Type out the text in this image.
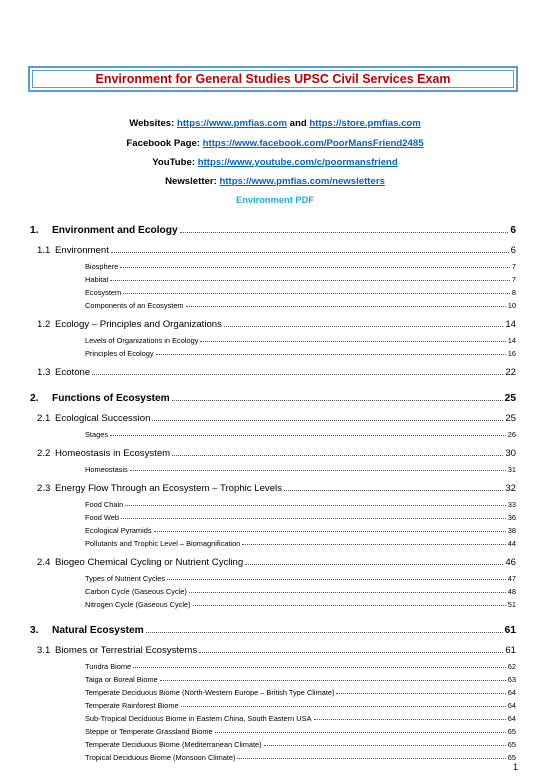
Environment for General Studies UPSC Civil Services Exam
Websites: https://www.pmfias.com and https://store.pmfias.com
Facebook Page: https://www.facebook.com/PoorMansFriend2485
YouTube: https://www.youtube.com/c/poormansfriend
Newsletter: https://www.pmfias.com/newsletters
Environment PDF
1.	Environment and Ecology	6
1.1 Environment	6
Biosphere	7
Habitat	7
Ecosystem	8
Components of an Ecosystem	10
1.2 Ecology – Principles and Organizations	14
Levels of Organizations in Ecology	14
Principles of Ecology	16
1.3 Ecotone	22
2.	Functions of Ecosystem	25
2.1 Ecological Succession	25
Stages	26
2.2 Homeostasis in Ecosystem	30
Homeostasis	31
2.3 Energy Flow Through an Ecosystem – Trophic Levels	32
Food Chain	33
Food Web	36
Ecological Pyramids	38
Pollutants and Trophic Level – Biomagnification	44
2.4 Biogeo Chemical Cycling or Nutrient Cycling	46
Types of Nutrient Cycles	47
Carbon Cycle (Gaseous Cycle)	48
Nitrogen Cycle (Gaseous Cycle)	51
3.	Natural Ecosystem	61
3.1 Biomes or Terrestrial Ecosystems	61
Tundra Biome	62
Taiga or Boreal Biome	63
Temperate Deciduous Biome (North-Western Europe – British Type Climate)	64
Temperate Rainforest Biome	64
Sub-Tropical Deciduous Biome in Eastern China, South Eastern USA	64
Steppe or Temperate Grassland Biome	65
Temperate Deciduous Biome (Mediterranean Climate)	65
Tropical Deciduous Biome (Monsoon Climate)	65
1
